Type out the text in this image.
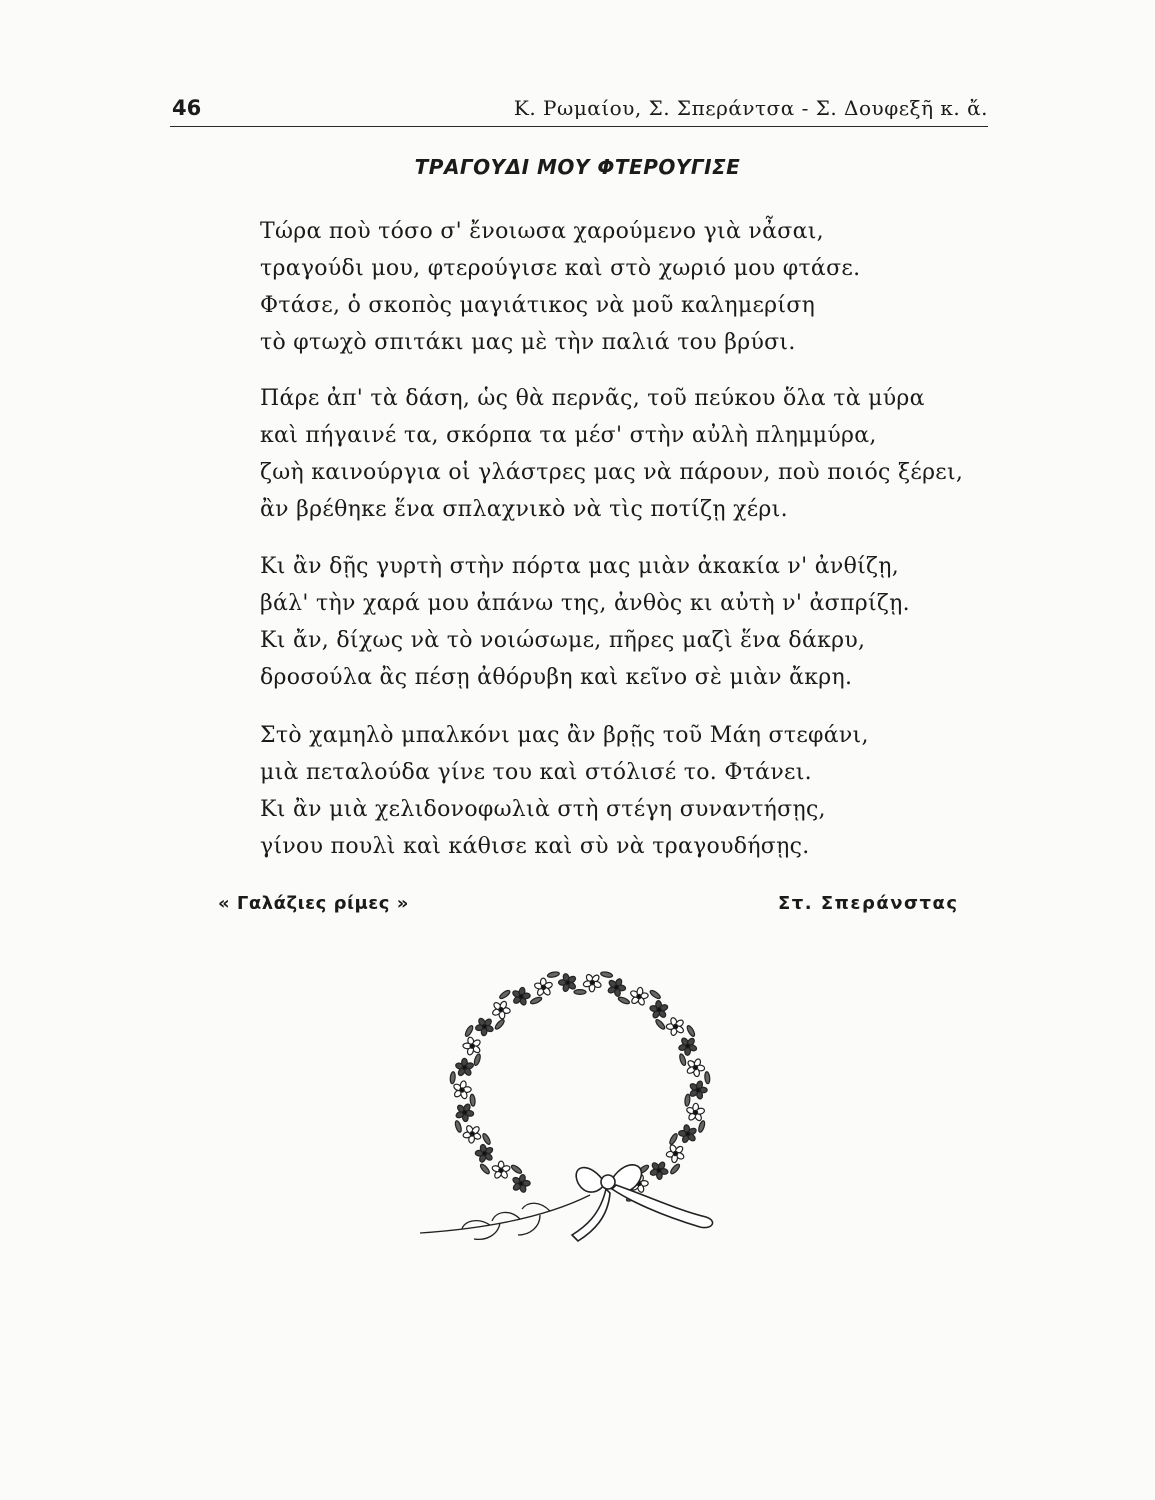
46	Κ. Ρωμαίου, Σ. Σπεράντσα - Σ. Δουφεξῆ κ. ἄ.
ΤΡΑΓΟΥΔΙ ΜΟΥ ΦΤΕΡΟΥΓΙΣΕ
Τώρα ποὺ τόσο σ' ἔνοιωσα χαρούμενο γιὰ νἆσαι,
τραγούδι μου, φτερούγισε καὶ στὸ χωριό μου φτάσε.
Φτάσε, ὁ σκοπὸς μαγιάτικος νὰ μοῦ καλημερίση
τὸ φτωχὸ σπιτάκι μας μὲ τὴν παλιά του βρύσι.
Πάρε ἀπ' τὰ δάση, ὡς θὰ περνᾶς, τοῦ πεύκου ὅλα τὰ μύρα
καὶ πήγαινέ τα, σκόρπα τα μέσ' στὴν αὐλὴ πλημμύρα,
ζωὴ καινούργια οἱ γλάστρες μας νὰ πάρουν, ποὺ ποιός ξέρει,
ἂν βρέθηκε ἕνα σπλαχνικὸ νὰ τὶς ποτίζῃ χέρι.
Κι ἂν δῇς γυρτὴ στὴν πόρτα μας μιὰν ἀκακία ν' ἀνθίζῃ,
βάλ' τὴν χαρά μου ἀπάνω της, ἀνθὸς κι αὐτὴ ν' ἀσπρίζῃ.
Κι ἄν, δίχως νὰ τὸ νοιώσωμε, πῆρες μαζὶ ἕνα δάκρυ,
δροσούλα ἂς πέσῃ ἀθόρυβη καὶ κεῖνο σὲ μιὰν ἄκρη.
Στὸ χαμηλὸ μπαλκόνι μας ἂν βρῇς τοῦ Μάη στεφάνι,
μιὰ πεταλούδα γίνε του καὶ στόλισέ το. Φτάνει.
Κι ἂν μιὰ χελιδονοφωλιὰ στὴ στέγη συναντήσῃς,
γίνου πουλὶ καὶ κάθισε καὶ σὺ νὰ τραγουδήσῃς.
« Γαλάζιες ρίμες »	Στ. Σπεράνστας
